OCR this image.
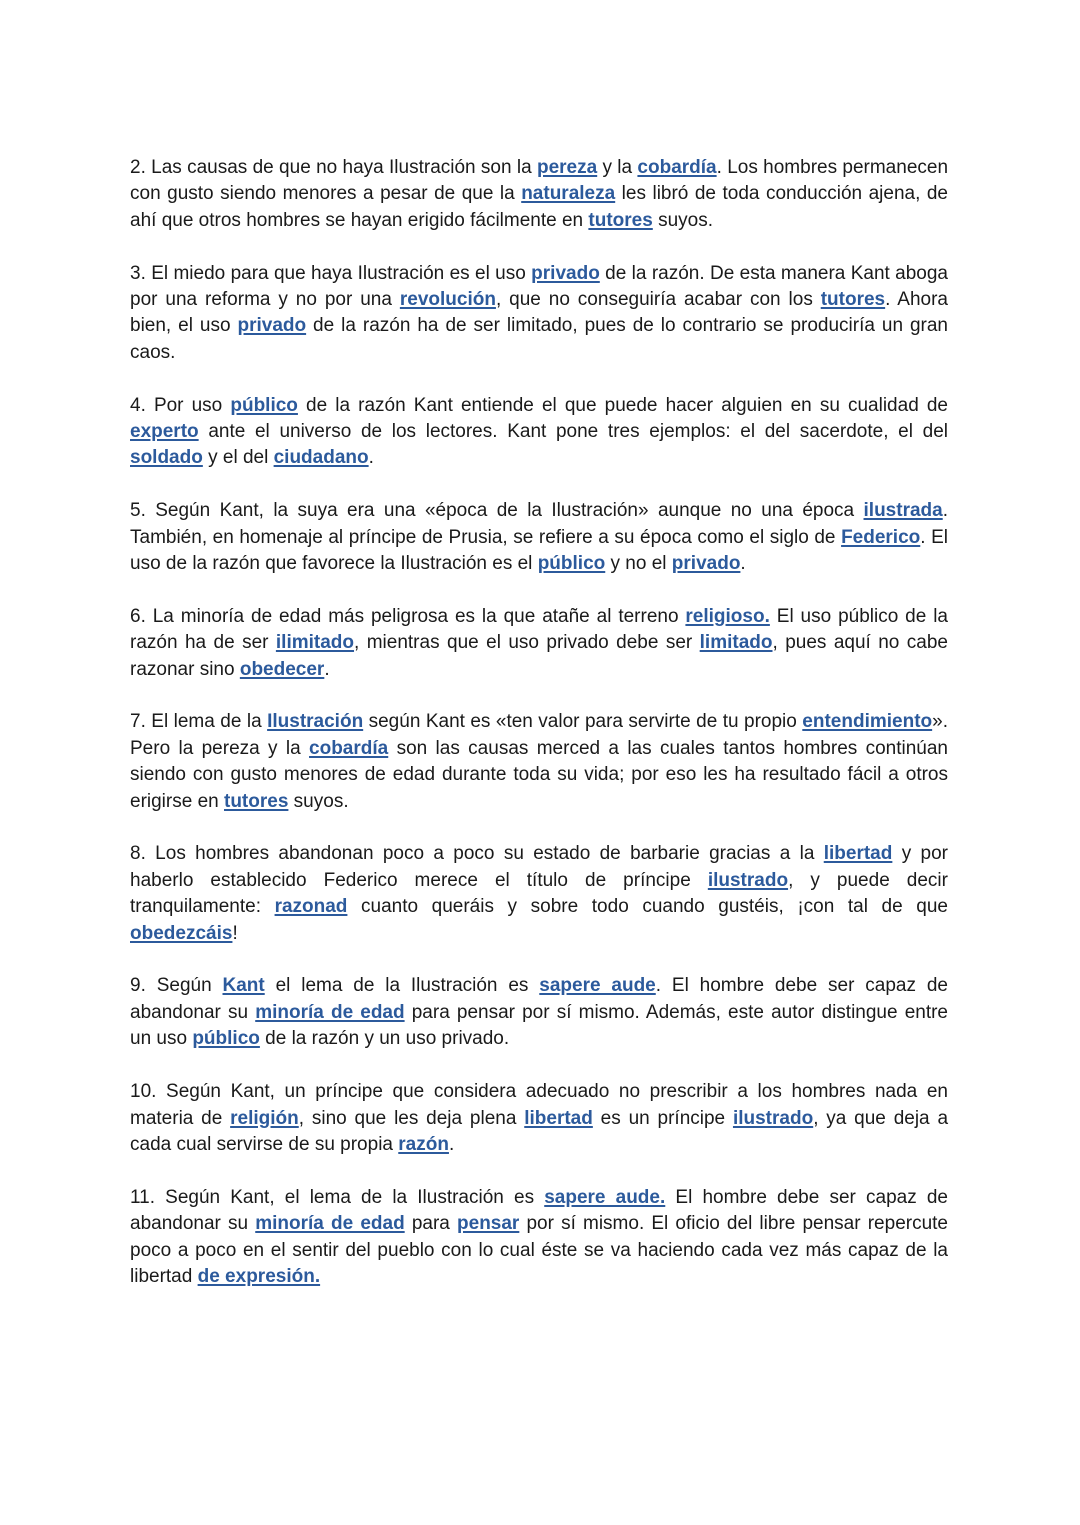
2. Las causas de que no haya Ilustración son la pereza y la cobardía. Los hombres permanecen con gusto siendo menores a pesar de que la naturaleza les libró de toda conducción ajena, de ahí que otros hombres se hayan erigido fácilmente en tutores suyos.

3. El miedo para que haya Ilustración es el uso privado de la razón. De esta manera Kant aboga por una reforma y no por una revolución, que no conseguiría acabar con los tutores. Ahora bien, el uso privado de la razón ha de ser limitado, pues de lo contrario se produciría un gran caos.

4. Por uso público de la razón Kant entiende el que puede hacer alguien en su cualidad de experto ante el universo de los lectores. Kant pone tres ejemplos: el del sacerdote, el del soldado y el del ciudadano.

5. Según Kant, la suya era una «época de la Ilustración» aunque no una época ilustrada. También, en homenaje al príncipe de Prusia, se refiere a su época como el siglo de Federico. El uso de la razón que favorece la Ilustración es el público y no el privado.

6. La minoría de edad más peligrosa es la que atañe al terreno religioso. El uso público de la razón ha de ser ilimitado, mientras que el uso privado debe ser limitado, pues aquí no cabe razonar sino obedecer.

7. El lema de la Ilustración según Kant es «ten valor para servirte de tu propio entendimiento». Pero la pereza y la cobardía son las causas merced a las cuales tantos hombres continúan siendo con gusto menores de edad durante toda su vida; por eso les ha resultado fácil a otros erigirse en tutores suyos.

8. Los hombres abandonan poco a poco su estado de barbarie gracias a la libertad y por haberlo establecido Federico merece el título de príncipe ilustrado, y puede decir tranquilamente: razonad cuanto queráis y sobre todo cuando gustéis, ¡con tal de que obedezcáis!

9. Según Kant el lema de la Ilustración es sapere aude. El hombre debe ser capaz de abandonar su minoría de edad para pensar por sí mismo. Además, este autor distingue entre un uso público de la razón y un uso privado.

10. Según Kant, un príncipe que considera adecuado no prescribir a los hombres nada en materia de religión, sino que les deja plena libertad es un príncipe ilustrado, ya que deja a cada cual servirse de su propia razón.

11. Según Kant, el lema de la Ilustración es sapere aude. El hombre debe ser capaz de abandonar su minoría de edad para pensar por sí mismo. El oficio del libre pensar repercute poco a poco en el sentir del pueblo con lo cual éste se va haciendo cada vez más capaz de la libertad de expresión.
